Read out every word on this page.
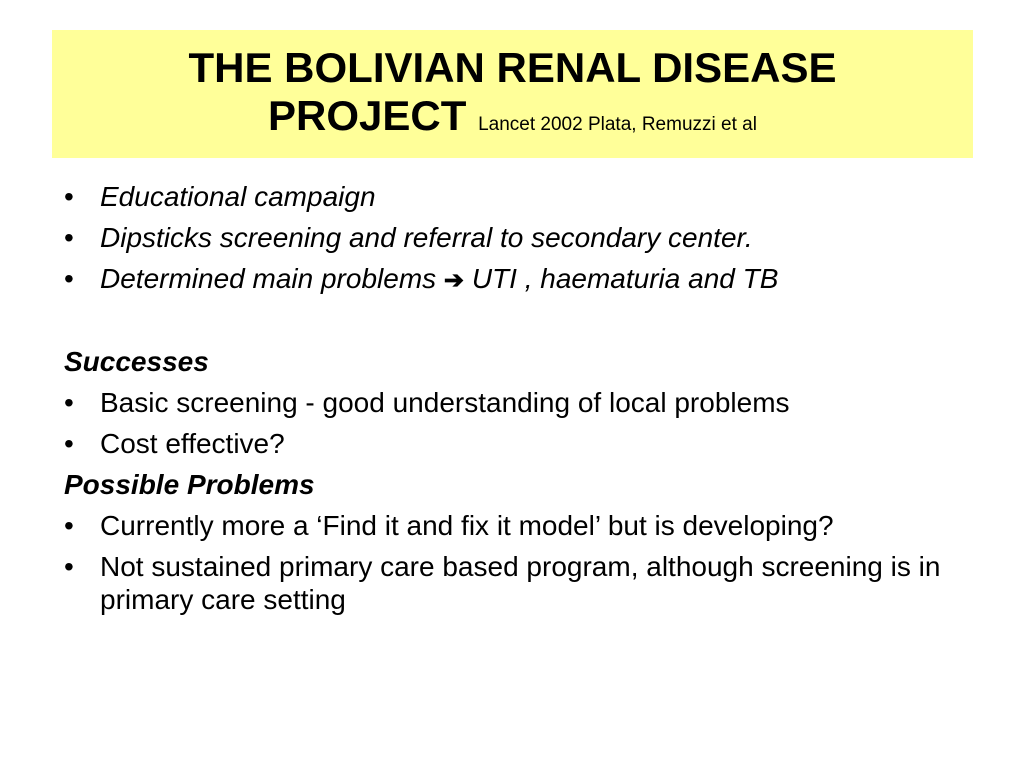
THE BOLIVIAN RENAL DISEASE
PROJECT Lancet 2002 Plata, Remuzzi et al
• Educational campaign
• Dipsticks screening and referral to secondary center.
• Determined main problems ➔ UTI , haematuria and TB
Successes
• Basic screening - good understanding of local problems
• Cost effective?
Possible Problems
• Currently more a ‘Find it and fix it model’ but is developing?
• Not sustained primary care based program, although screening is in primary care setting
